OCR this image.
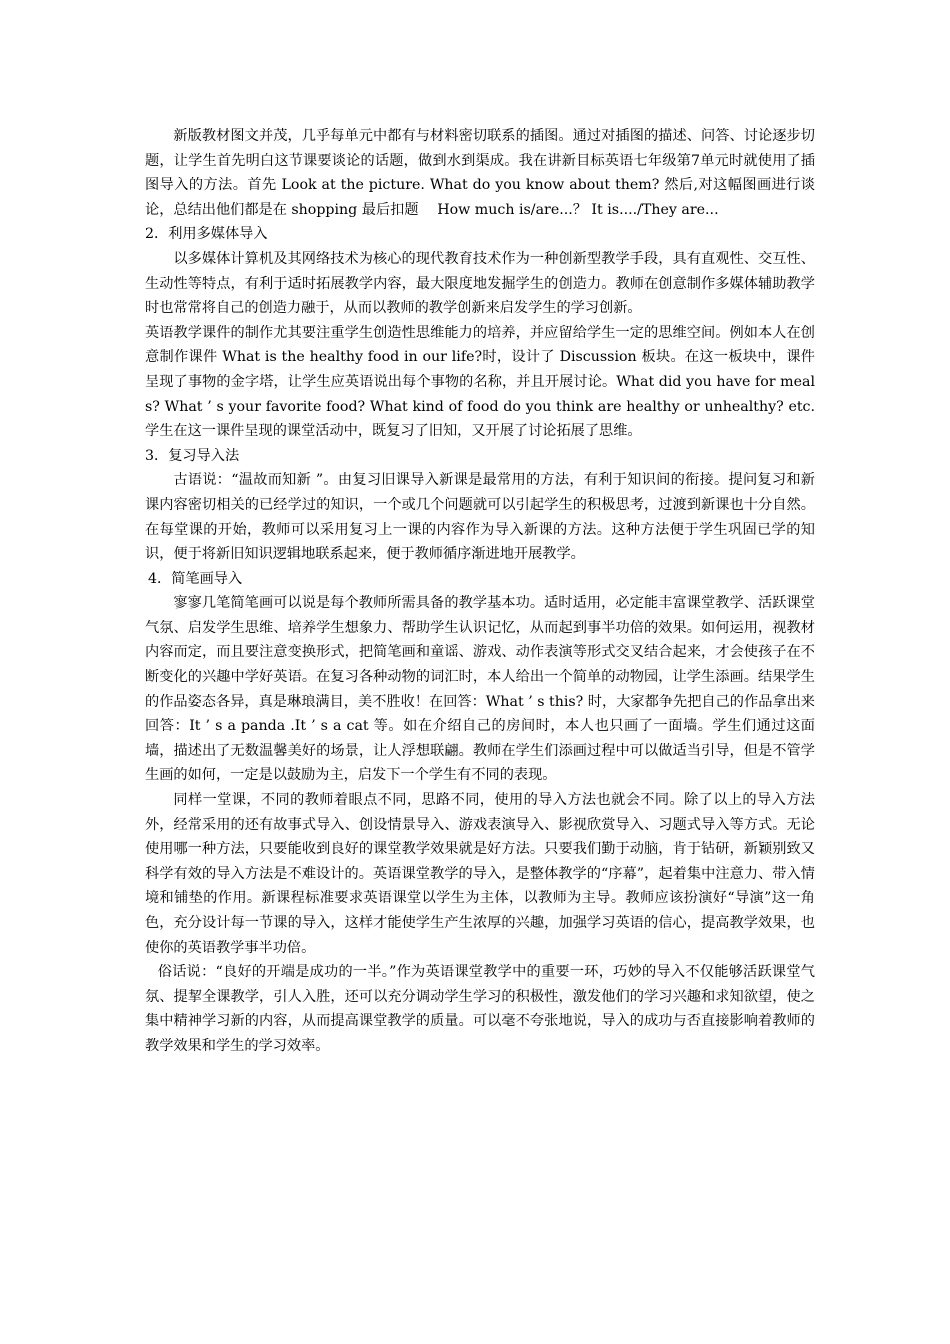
新版教材图文并茂，几乎每单元中都有与材料密切联系的插图。通过对插图的描述、问答、讨论逐步切题，让学生首先明白这节课要谈论的话题，做到水到渠成。我在讲新目标英语七年级第7单元时就使用了插图导入的方法。首先 Look at the picture. What do you know about them? 然后,对这幅图画进行谈论，总结出他们都是在 shopping 最后扣题　 How much is/are...？ It is..../They are...

2．利用多媒体导入

以多媒体计算机及其网络技术为核心的现代教育技术作为一种创新型教学手段，具有直观性、交互性、生动性等特点，有利于适时拓展教学内容，最大限度地发掘学生的创造力。教师在创意制作多媒体辅助教学时也常常将自己的创造力融于，从而以教师的教学创新来启发学生的学习创新。

英语教学课件的制作尤其要注重学生创造性思维能力的培养，并应留给学生一定的思维空间。例如本人在创意制作课件 What is the healthy food in our life?时，设计了 Discussion 板块。在这一板块中，课件呈现了事物的金字塔，让学生应英语说出每个事物的名称，并且开展讨论。What did you have for meals? What ’ s your favorite food? What kind of food do you think are healthy or unhealthy? etc.学生在这一课件呈现的课堂活动中，既复习了旧知，又开展了讨论拓展了思维。

3．复习导入法

古语说：“温故而知新 ”。由复习旧课导入新课是最常用的方法，有利于知识间的衔接。提问复习和新课内容密切相关的已经学过的知识，一个或几个问题就可以引起学生的积极思考，过渡到新课也十分自然。在每堂课的开始，教师可以采用复习上一课的内容作为导入新课的方法。这种方法便于学生巩固已学的知识，便于将新旧知识逻辑地联系起来，便于教师循序渐进地开展教学。

4．简笔画导入

寥寥几笔简笔画可以说是每个教师所需具备的教学基本功。适时适用，必定能丰富课堂教学、活跃课堂气氛、启发学生思维、培养学生想象力、帮助学生认识记忆，从而起到事半功倍的效果。如何运用，视教材内容而定，而且要注意变换形式，把简笔画和童谣、游戏、动作表演等形式交叉结合起来，才会使孩子在不断变化的兴趣中学好英语。在复习各种动物的词汇时，本人给出一个简单的动物园，让学生添画。结果学生的作品姿态各异，真是琳琅满目，美不胜收！在回答：What ’ s this? 时，大家都争先把自己的作品拿出来回答：It ’ s a panda .It ’ s a cat 等。如在介绍自己的房间时，本人也只画了一面墙。学生们通过这面墙，描述出了无数温馨美好的场景，让人浮想联翩。教师在学生们添画过程中可以做适当引导，但是不管学生画的如何，一定是以鼓励为主，启发下一个学生有不同的表现。

同样一堂课，不同的教师着眼点不同，思路不同，使用的导入方法也就会不同。除了以上的导入方法外，经常采用的还有故事式导入、创设情景导入、游戏表演导入、影视欣赏导入、习题式导入等方式。无论使用哪一种方法，只要能收到良好的课堂教学效果就是好方法。只要我们勤于动脑，肯于钻研，新颖别致又科学有效的导入方法是不难设计的。英语课堂教学的导入，是整体教学的“序幕”，起着集中注意力、带入情境和铺垫的作用。新课程标准要求英语课堂以学生为主体，以教师为主导。教师应该扮演好“导演”这一角色，充分设计每一节课的导入，这样才能使学生产生浓厚的兴趣，加强学习英语的信心，提高教学效果，也使你的英语教学事半功倍。

俗话说：“良好的开端是成功的一半。”作为英语课堂教学中的重要一环，巧妙的导入不仅能够活跃课堂气氛、提挈全课教学，引人入胜，还可以充分调动学生学习的积极性，激发他们的学习兴趣和求知欲望，使之集中精神学习新的内容，从而提高课堂教学的质量。可以毫不夸张地说，导入的成功与否直接影响着教师的教学效果和学生的学习效率。
